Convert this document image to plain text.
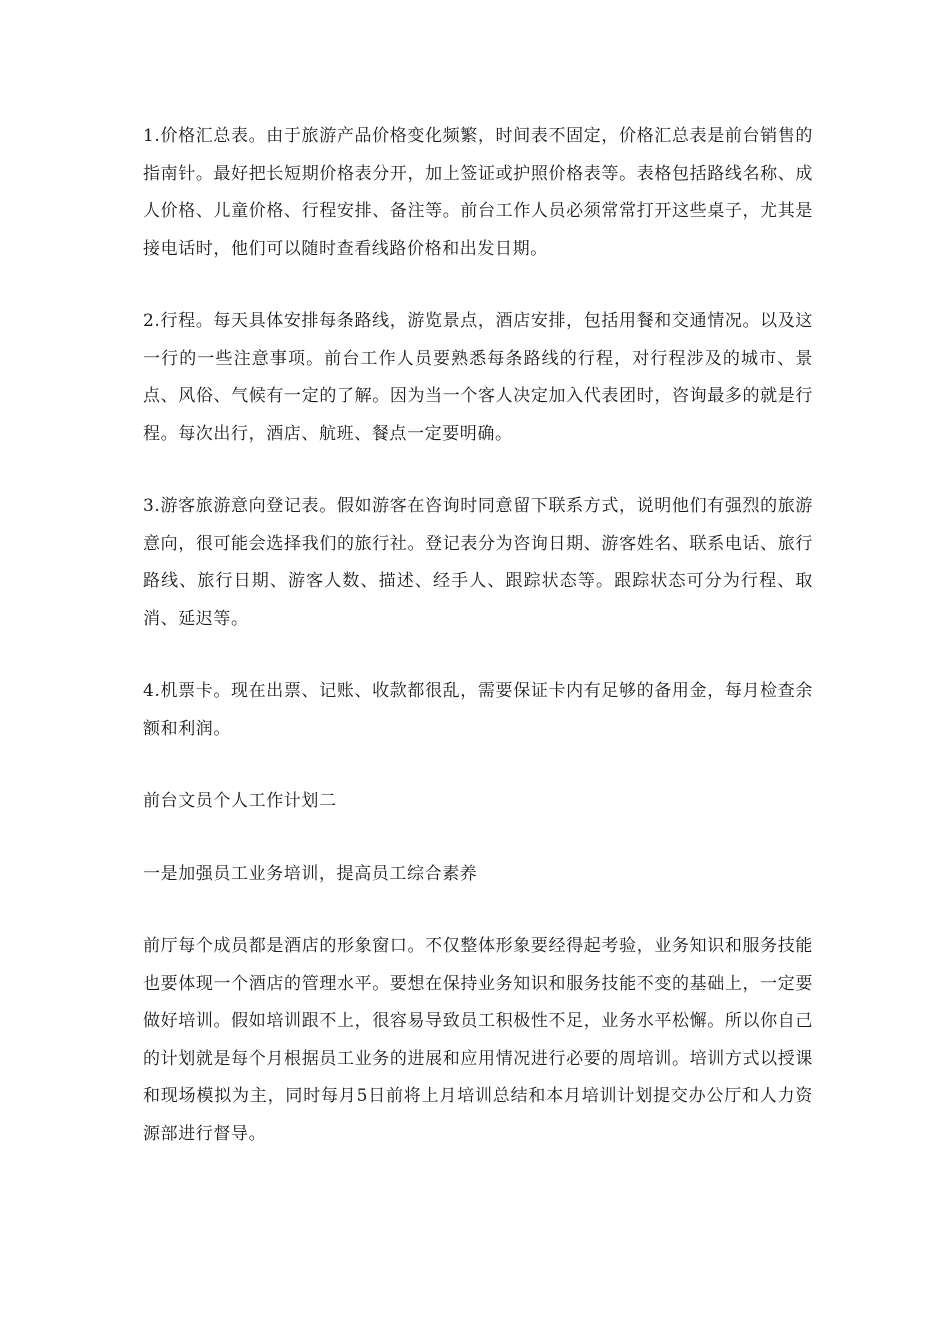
1.价格汇总表。由于旅游产品价格变化频繁，时间表不固定，价格汇总表是前台销售的指南针。最好把长短期价格表分开，加上签证或护照价格表等。表格包括路线名称、成人价格、儿童价格、行程安排、备注等。前台工作人员必须常常打开这些桌子，尤其是接电话时，他们可以随时查看线路价格和出发日期。

2.行程。每天具体安排每条路线，游览景点，酒店安排，包括用餐和交通情况。以及这一行的一些注意事项。前台工作人员要熟悉每条路线的行程，对行程涉及的城市、景点、风俗、气候有一定的了解。因为当一个客人决定加入代表团时，咨询最多的就是行程。每次出行，酒店、航班、餐点一定要明确。

3.游客旅游意向登记表。假如游客在咨询时同意留下联系方式，说明他们有强烈的旅游意向，很可能会选择我们的旅行社。登记表分为咨询日期、游客姓名、联系电话、旅行路线、旅行日期、游客人数、描述、经手人、跟踪状态等。跟踪状态可分为行程、取消、延迟等。

4.机票卡。现在出票、记账、收款都很乱，需要保证卡内有足够的备用金，每月检查余额和利润。

前台文员个人工作计划二

一是加强员工业务培训，提高员工综合素养

前厅每个成员都是酒店的形象窗口。不仅整体形象要经得起考验，业务知识和服务技能也要体现一个酒店的管理水平。要想在保持业务知识和服务技能不变的基础上，一定要做好培训。假如培训跟不上，很容易导致员工积极性不足，业务水平松懈。所以你自己的计划就是每个月根据员工业务的进展和应用情况进行必要的周培训。培训方式以授课和现场模拟为主，同时每月5日前将上月培训总结和本月培训计划提交办公厅和人力资源部进行督导。
